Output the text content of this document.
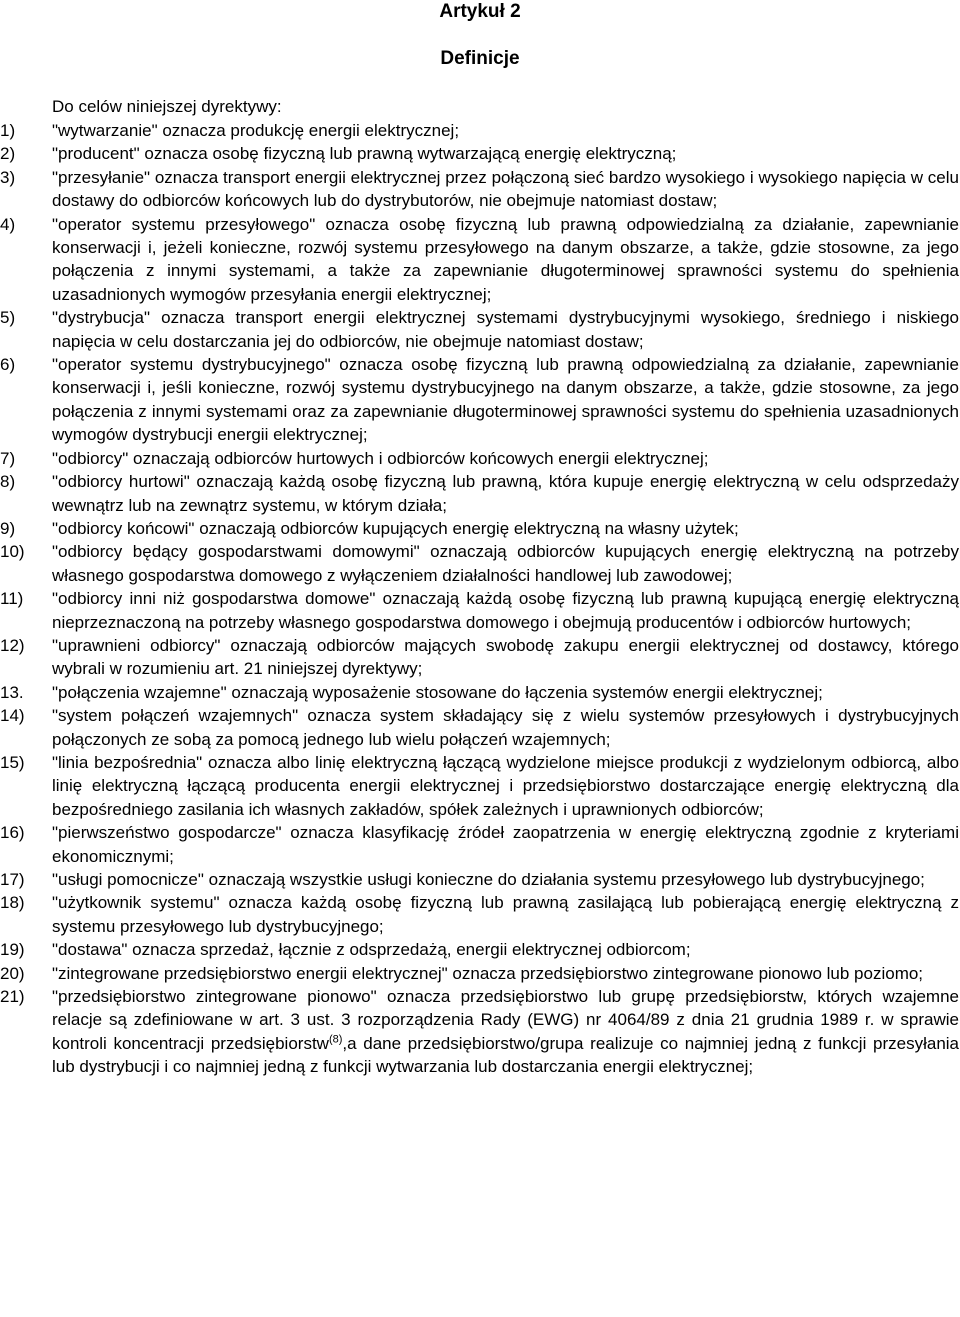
Artykuł 2
Definicje
Do celów niniejszej dyrektywy:
1) "wytwarzanie" oznacza produkcję energii elektrycznej;
2) "producent" oznacza osobę fizyczną lub prawną wytwarzającą energię elektryczną;
3) "przesyłanie" oznacza transport energii elektrycznej przez połączoną sieć bardzo wysokiego i wysokiego napięcia w celu dostawy do odbiorców końcowych lub do dystrybutorów, nie obejmuje natomiast dostaw;
4) "operator systemu przesyłowego" oznacza osobę fizyczną lub prawną odpowiedzialną za działanie, zapewnianie konserwacji i, jeżeli konieczne, rozwój systemu przesyłowego na danym obszarze, a także, gdzie stosowne, za jego połączenia z innymi systemami, a także za zapewnianie długoterminowej sprawności systemu do spełnienia uzasadnionych wymogów przesyłania energii elektrycznej;
5) "dystrybucja" oznacza transport energii elektrycznej systemami dystrybucyjnymi wysokiego, średniego i niskiego napięcia w celu dostarczania jej do odbiorców, nie obejmuje natomiast dostaw;
6) "operator systemu dystrybucyjnego" oznacza osobę fizyczną lub prawną odpowiedzialną za działanie, zapewnianie konserwacji i, jeśli konieczne, rozwój systemu dystrybucyjnego na danym obszarze, a także, gdzie stosowne, za jego połączenia z innymi systemami oraz za zapewnianie długoterminowej sprawności systemu do spełnienia uzasadnionych wymogów dystrybucji energii elektrycznej;
7) "odbiorcy" oznaczają odbiorców hurtowych i odbiorców końcowych energii elektrycznej;
8) "odbiorcy hurtowi" oznaczają każdą osobę fizyczną lub prawną, która kupuje energię elektryczną w celu odsprzedaży wewnątrz lub na zewnątrz systemu, w którym działa;
9) "odbiorcy końcowi" oznaczają odbiorców kupujących energię elektryczną na własny użytek;
10) "odbiorcy będący gospodarstwami domowymi" oznaczają odbiorców kupujących energię elektryczną na potrzeby własnego gospodarstwa domowego z wyłączeniem działalności handlowej lub zawodowej;
11) "odbiorcy inni niż gospodarstwa domowe" oznaczają każdą osobę fizyczną lub prawną kupującą energię elektryczną nieprzeznaczoną na potrzeby własnego gospodarstwa domowego i obejmują producentów i odbiorców hurtowych;
12) "uprawnieni odbiorcy" oznaczają odbiorców mających swobodę zakupu energii elektrycznej od dostawcy, którego wybrali w rozumieniu art. 21 niniejszej dyrektywy;
13. "połączenia wzajemne" oznaczają wyposażenie stosowane do łączenia systemów energii elektrycznej;
14) "system połączeń wzajemnych" oznacza system składający się z wielu systemów przesyłowych i dystrybucyjnych połączonych ze sobą za pomocą jednego lub wielu połączeń wzajemnych;
15) "linia bezpośrednia" oznacza albo linię elektryczną łączącą wydzielone miejsce produkcji z wydzielonym odbiorcą, albo linię elektryczną łączącą producenta energii elektrycznej i przedsiębiorstwo dostarczające energię elektryczną dla bezpośredniego zasilania ich własnych zakładów, spółek zależnych i uprawnionych odbiorców;
16) "pierwszeństwo gospodarcze" oznacza klasyfikację źródeł zaopatrzenia w energię elektryczną zgodnie z kryteriami ekonomicznymi;
17) "usługi pomocnicze" oznaczają wszystkie usługi konieczne do działania systemu przesyłowego lub dystrybucyjnego;
18) "użytkownik systemu" oznacza każdą osobę fizyczną lub prawną zasilającą lub pobierającą energię elektryczną z systemu przesyłowego lub dystrybucyjnego;
19) "dostawa" oznacza sprzedaż, łącznie z odsprzedażą, energii elektrycznej odbiorcom;
20) "zintegrowane przedsiębiorstwo energii elektrycznej" oznacza przedsiębiorstwo zintegrowane pionowo lub poziomo;
21) "przedsiębiorstwo zintegrowane pionowo" oznacza przedsiębiorstwo lub grupę przedsiębiorstw, których wzajemne relacje są zdefiniowane w art. 3 ust. 3 rozporządzenia Rady (EWG) nr 4064/89 z dnia 21 grudnia 1989 r. w sprawie kontroli koncentracji przedsiębiorstw$^{(8)}$,a dane przedsiębiorstwo/grupa realizuje co najmniej jedną z funkcji przesyłania lub dystrybucji i co najmniej jedną z funkcji wytwarzania lub dostarczania energii elektrycznej;
